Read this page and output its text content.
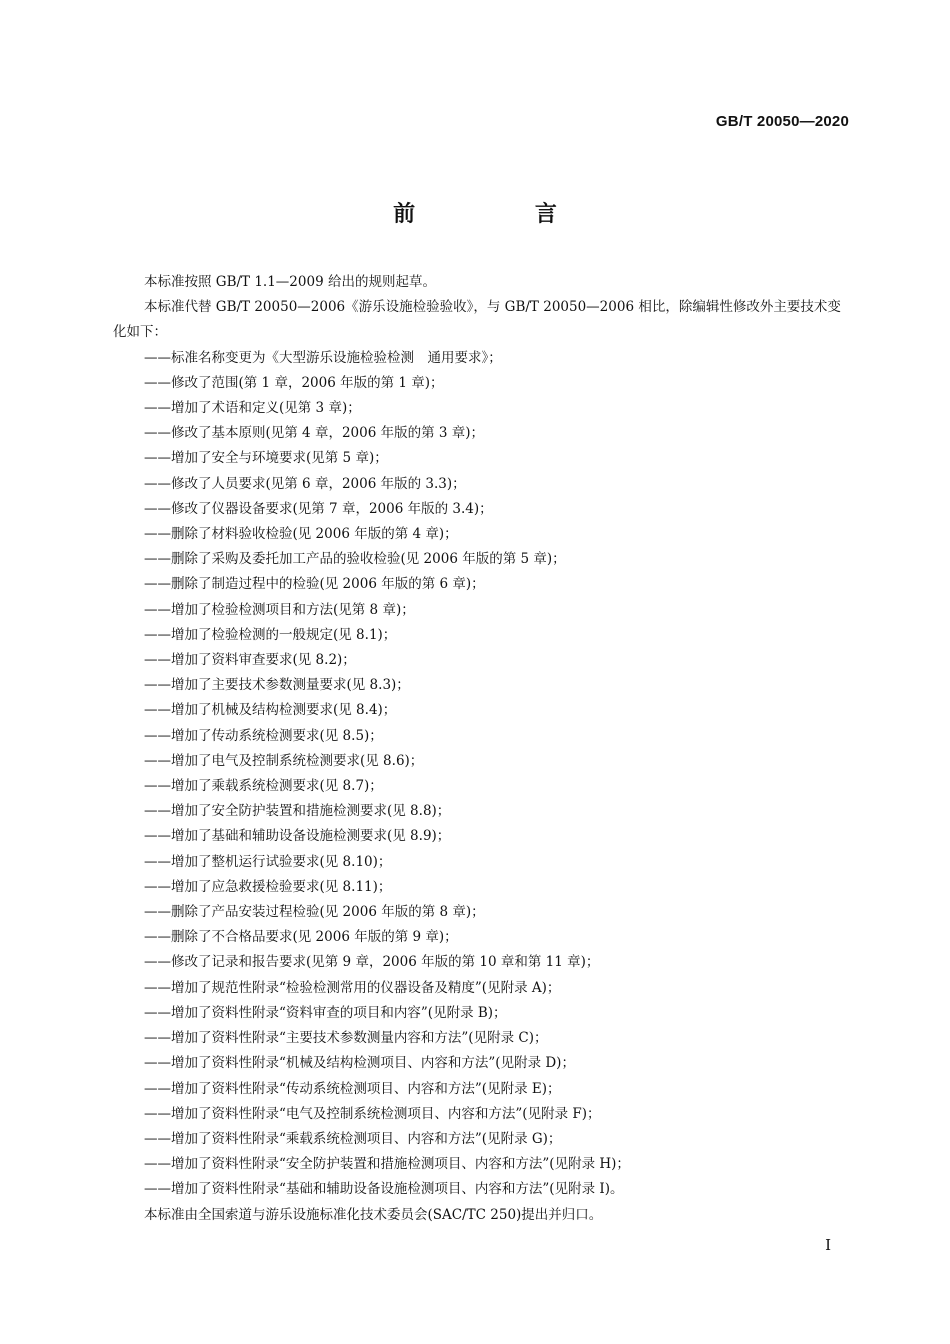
GB/T 20050—2020
前 言
本标准按照 GB/T 1.1—2009 给出的规则起草。
本标准代替 GB/T 20050—2006《游乐设施检验验收》，与 GB/T 20050—2006 相比，除编辑性修改外主要技术变化如下：
——标准名称变更为《大型游乐设施检验检测　通用要求》；
——修改了范围(第 1 章，2006 年版的第 1 章)；
——增加了术语和定义(见第 3 章)；
——修改了基本原则(见第 4 章，2006 年版的第 3 章)；
——增加了安全与环境要求(见第 5 章)；
——修改了人员要求(见第 6 章，2006 年版的 3.3)；
——修改了仪器设备要求(见第 7 章，2006 年版的 3.4)；
——删除了材料验收检验(见 2006 年版的第 4 章)；
——删除了采购及委托加工产品的验收检验(见 2006 年版的第 5 章)；
——删除了制造过程中的检验(见 2006 年版的第 6 章)；
——增加了检验检测项目和方法(见第 8 章)；
——增加了检验检测的一般规定(见 8.1)；
——增加了资料审查要求(见 8.2)；
——增加了主要技术参数测量要求(见 8.3)；
——增加了机械及结构检测要求(见 8.4)；
——增加了传动系统检测要求(见 8.5)；
——增加了电气及控制系统检测要求(见 8.6)；
——增加了乘载系统检测要求(见 8.7)；
——增加了安全防护装置和措施检测要求(见 8.8)；
——增加了基础和辅助设备设施检测要求(见 8.9)；
——增加了整机运行试验要求(见 8.10)；
——增加了应急救援检验要求(见 8.11)；
——删除了产品安装过程检验(见 2006 年版的第 8 章)；
——删除了不合格品要求(见 2006 年版的第 9 章)；
——修改了记录和报告要求(见第 9 章，2006 年版的第 10 章和第 11 章)；
——增加了规范性附录“检验检测常用的仪器设备及精度”(见附录 A)；
——增加了资料性附录“资料审查的项目和内容”(见附录 B)；
——增加了资料性附录“主要技术参数测量内容和方法”(见附录 C)；
——增加了资料性附录“机械及结构检测项目、内容和方法”(见附录 D)；
——增加了资料性附录“传动系统检测项目、内容和方法”(见附录 E)；
——增加了资料性附录“电气及控制系统检测项目、内容和方法”(见附录 F)；
——增加了资料性附录“乘载系统检测项目、内容和方法”(见附录 G)；
——增加了资料性附录“安全防护装置和措施检测项目、内容和方法”(见附录 H)；
——增加了资料性附录“基础和辅助设备设施检测项目、内容和方法”(见附录 I)。
本标准由全国索道与游乐设施标准化技术委员会(SAC/TC 250)提出并归口。
I
